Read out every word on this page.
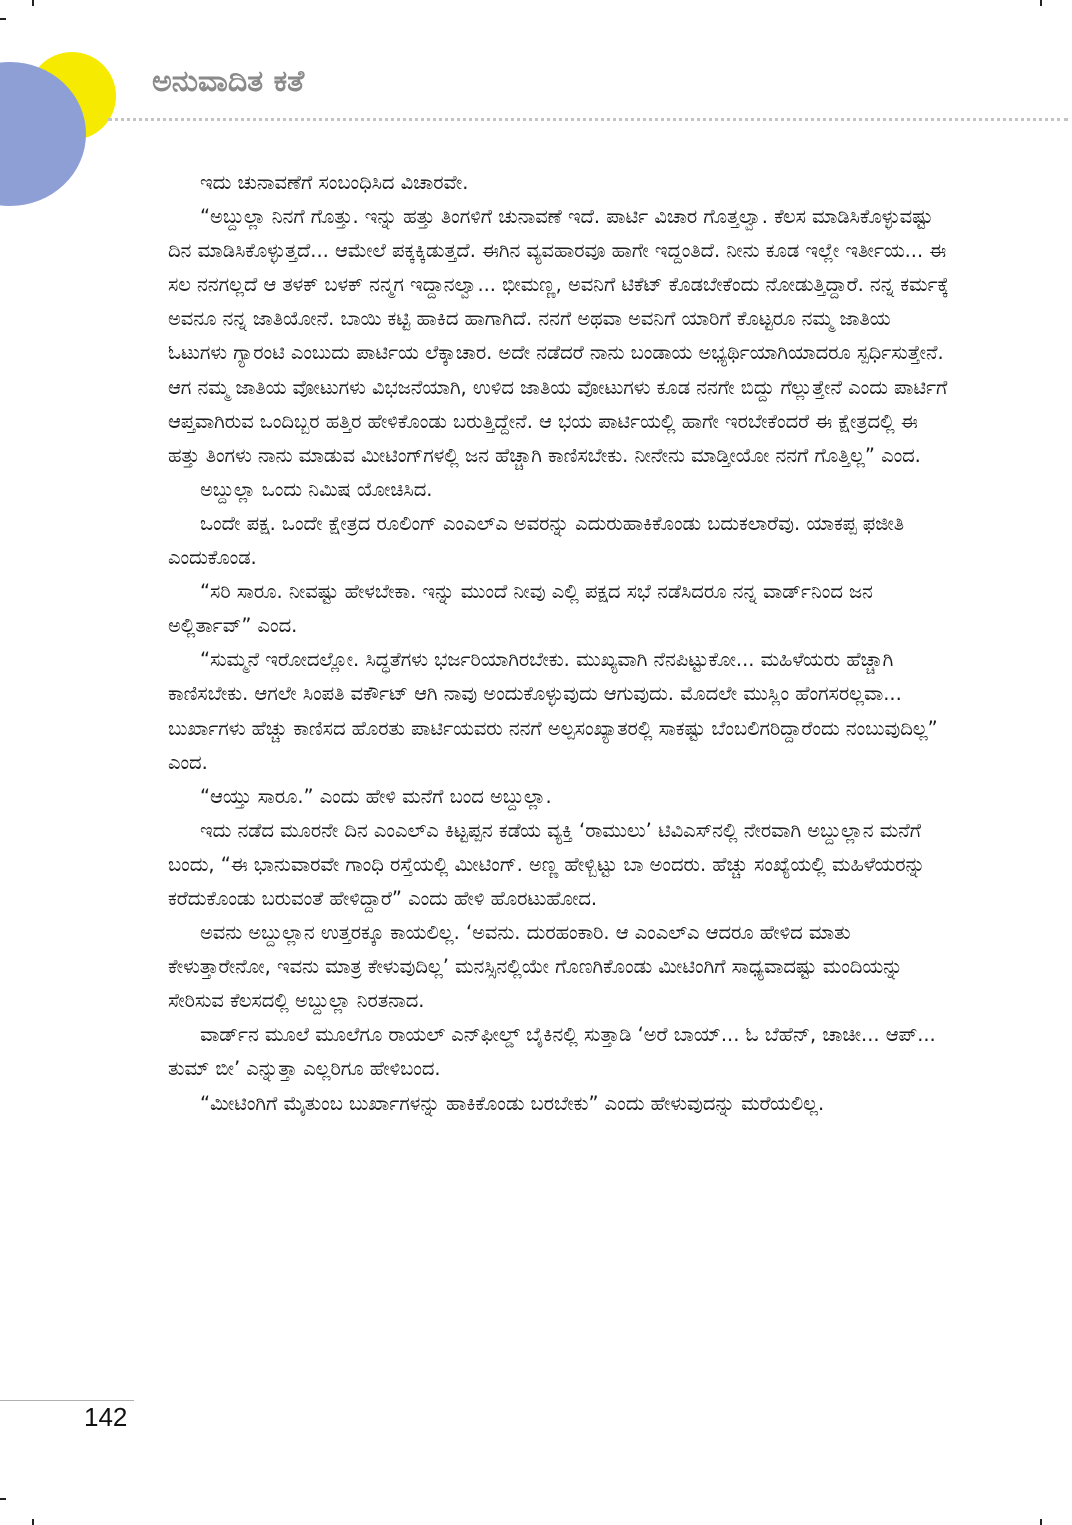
ಅನುವಾದಿತ ಕತೆ

ಇದು ಚುನಾವಣೆಗೆ ಸಂಬಂಧಿಸಿದ ವಿಚಾರವೇ.

“ಅಬ್ದುಲ್ಲಾ ನಿನಗೆ ಗೊತ್ತು. ಇನ್ನು ಹತ್ತು ತಿಂಗಳಿಗೆ ಚುನಾವಣೆ ಇದೆ. ಪಾರ್ಟಿ ವಿಚಾರ ಗೊತ್ತಲ್ವಾ. ಕೆಲಸ ಮಾಡಿಸಿಕೊಳ್ಳುವಷ್ಟು ದಿನ ಮಾಡಿಸಿಕೊಳ್ಳುತ್ತದೆ... ಆಮೇಲೆ ಪಕ್ಕಕ್ಕಿಡುತ್ತದೆ. ಈಗಿನ ವ್ಯವಹಾರವೂ ಹಾಗೇ ಇದ್ದಂತಿದೆ. ನೀನು ಕೂಡ ಇಲ್ಲೇ ಇರ್ತೀಯ... ಈ ಸಲ ನನಗಲ್ಲದೆ ಆ ತಳಕ್ ಬಳಕ್ ನನ್ಮಗ ಇದ್ದಾನಲ್ವಾ... ಭೀಮಣ್ಣ, ಅವನಿಗೆ ಟಿಕೆಟ್ ಕೊಡಬೇಕೆಂದು ನೋಡುತ್ತಿದ್ದಾರೆ. ನನ್ನ ಕರ್ಮಕ್ಕೆ ಅವನೂ ನನ್ನ ಜಾತಿಯೋನೆ. ಬಾಯಿ ಕಟ್ಟಿ ಹಾಕಿದ ಹಾಗಾಗಿದೆ. ನನಗೆ ಅಥವಾ ಅವನಿಗೆ ಯಾರಿಗೆ ಕೊಟ್ಟರೂ ನಮ್ಮ ಜಾತಿಯ ಓಟುಗಳು ಗ್ಯಾರಂಟಿ ಎಂಬುದು ಪಾರ್ಟಿಯ ಲೆಕ್ಕಾಚಾರ. ಅದೇ ನಡೆದರೆ ನಾನು ಬಂಡಾಯ ಅಭ್ಯರ್ಥಿಯಾಗಿಯಾದರೂ ಸ್ಪರ್ಧಿಸುತ್ತೇನೆ. ಆಗ ನಮ್ಮ ಜಾತಿಯ ವೋಟುಗಳು ವಿಭಜನೆಯಾಗಿ, ಉಳಿದ ಜಾತಿಯ ವೋಟುಗಳು ಕೂಡ ನನಗೇ ಬಿದ್ದು ಗೆಲ್ಲುತ್ತೇನೆ ಎಂದು ಪಾರ್ಟಿಗೆ ಆಪ್ತವಾಗಿರುವ ಒಂದಿಬ್ಬರ ಹತ್ತಿರ ಹೇಳಿಕೊಂಡು ಬರುತ್ತಿದ್ದೇನೆ. ಆ ಭಯ ಪಾರ್ಟಿಯಲ್ಲಿ ಹಾಗೇ ಇರಬೇಕೆಂದರೆ ಈ ಕ್ಷೇತ್ರದಲ್ಲಿ ಈ ಹತ್ತು ತಿಂಗಳು ನಾನು ಮಾಡುವ ಮೀಟಿಂಗ್‌ಗಳಲ್ಲಿ ಜನ ಹೆಚ್ಚಾಗಿ ಕಾಣಿಸಬೇಕು. ನೀನೇನು ಮಾಡ್ತೀಯೋ ನನಗೆ ಗೊತ್ತಿಲ್ಲ” ಎಂದ.

ಅಬ್ದುಲ್ಲಾ ಒಂದು ನಿಮಿಷ ಯೋಚಿಸಿದ.

ಒಂದೇ ಪಕ್ಷ. ಒಂದೇ ಕ್ಷೇತ್ರದ ರೂಲಿಂಗ್ ಎಂಎಲ್‌ಎ ಅವರನ್ನು ಎದುರುಹಾಕಿಕೊಂಡು ಬದುಕಲಾರೆವು. ಯಾಕಪ್ಪ ಫಜೀತಿ ಎಂದುಕೊಂಡ.

“ಸರಿ ಸಾರೂ. ನೀವಷ್ಟು ಹೇಳಬೇಕಾ. ಇನ್ನು ಮುಂದೆ ನೀವು ಎಲ್ಲಿ ಪಕ್ಷದ ಸಭೆ ನಡೆಸಿದರೂ ನನ್ನ ವಾರ್ಡ್‌ನಿಂದ ಜನ ಅಲ್ಲಿರ್ತಾವ್” ಎಂದ.

“ಸುಮ್ಮನೆ ಇರೋದಲ್ಲೋ. ಸಿದ್ಧತೆಗಳು ಭರ್ಜರಿಯಾಗಿರಬೇಕು. ಮುಖ್ಯವಾಗಿ ನೆನಪಿಟ್ಟುಕೋ... ಮಹಿಳೆಯರು ಹೆಚ್ಚಾಗಿ ಕಾಣಿಸಬೇಕು. ಆಗಲೇ ಸಿಂಪತಿ ವರ್ಕೌಟ್ ಆಗಿ ನಾವು ಅಂದುಕೊಳ್ಳುವುದು ಆಗುವುದು. ಮೊದಲೇ ಮುಸ್ಲಿಂ ಹೆಂಗಸರಲ್ಲವಾ... ಬುರ್ಖಾಗಳು ಹೆಚ್ಚು ಕಾಣಿಸದ ಹೊರತು ಪಾರ್ಟಿಯವರು ನನಗೆ ಅಲ್ಪಸಂಖ್ಯಾತರಲ್ಲಿ ಸಾಕಷ್ಟು ಬೆಂಬಲಿಗರಿದ್ದಾರೆಂದು ನಂಬುವುದಿಲ್ಲ” ಎಂದ.

“ಆಯ್ತು ಸಾರೂ.” ಎಂದು ಹೇಳಿ ಮನೆಗೆ ಬಂದ ಅಬ್ದುಲ್ಲಾ.

ಇದು ನಡೆದ ಮೂರನೇ ದಿನ ಎಂಎಲ್‌ಎ ಕಿಟ್ಟಪ್ಪನ ಕಡೆಯ ವ್ಯಕ್ತಿ ‘ರಾಮುಲು’ ಟಿವಿಎಸ್‌ನಲ್ಲಿ ನೇರವಾಗಿ ಅಬ್ದುಲ್ಲಾನ ಮನೆಗೆ ಬಂದು, “ಈ ಭಾನುವಾರವೇ ಗಾಂಧಿ ರಸ್ತೆಯಲ್ಲಿ ಮೀಟಿಂಗ್. ಅಣ್ಣ ಹೇಳ್ಬಿಟ್ಟು ಬಾ ಅಂದರು. ಹೆಚ್ಚು ಸಂಖ್ಯೆಯಲ್ಲಿ ಮಹಿಳೆಯರನ್ನು ಕರೆದುಕೊಂಡು ಬರುವಂತೆ ಹೇಳಿದ್ದಾರೆ” ಎಂದು ಹೇಳಿ ಹೊರಟುಹೋದ.

ಅವನು ಅಬ್ದುಲ್ಲಾನ ಉತ್ತರಕ್ಕೂ ಕಾಯಲಿಲ್ಲ. ‘ಅವನು. ದುರಹಂಕಾರಿ. ಆ ಎಂಎಲ್‌ಎ ಆದರೂ ಹೇಳಿದ ಮಾತು ಕೇಳುತ್ತಾರೇನೋ, ಇವನು ಮಾತ್ರ ಕೇಳುವುದಿಲ್ಲ’ ಮನಸ್ಸಿನಲ್ಲಿಯೇ ಗೊಣಗಿಕೊಂಡು ಮೀಟಿಂಗಿಗೆ ಸಾಧ್ಯವಾದಷ್ಟು ಮಂದಿಯನ್ನು ಸೇರಿಸುವ ಕೆಲಸದಲ್ಲಿ ಅಬ್ದುಲ್ಲಾ ನಿರತನಾದ.

ವಾರ್ಡ್‌ನ ಮೂಲೆ ಮೂಲೆಗೂ ರಾಯಲ್ ಎನ್‌ಫೀಲ್ಡ್ ಬೈಕಿನಲ್ಲಿ ಸುತ್ತಾಡಿ ‘ಅರೆ ಬಾಯ್... ಓ ಬೆಹೆನ್, ಚಾಚೀ... ಆಪ್... ತುಮ್ ಬೀ’ ಎನ್ನುತ್ತಾ ಎಲ್ಲರಿಗೂ ಹೇಳಿಬಂದ.

“ಮೀಟಿಂಗಿಗೆ ಮೈತುಂಬ ಬುರ್ಖಾಗಳನ್ನು ಹಾಕಿಕೊಂಡು ಬರಬೇಕು” ಎಂದು ಹೇಳುವುದನ್ನು ಮರೆಯಲಿಲ್ಲ.

142
